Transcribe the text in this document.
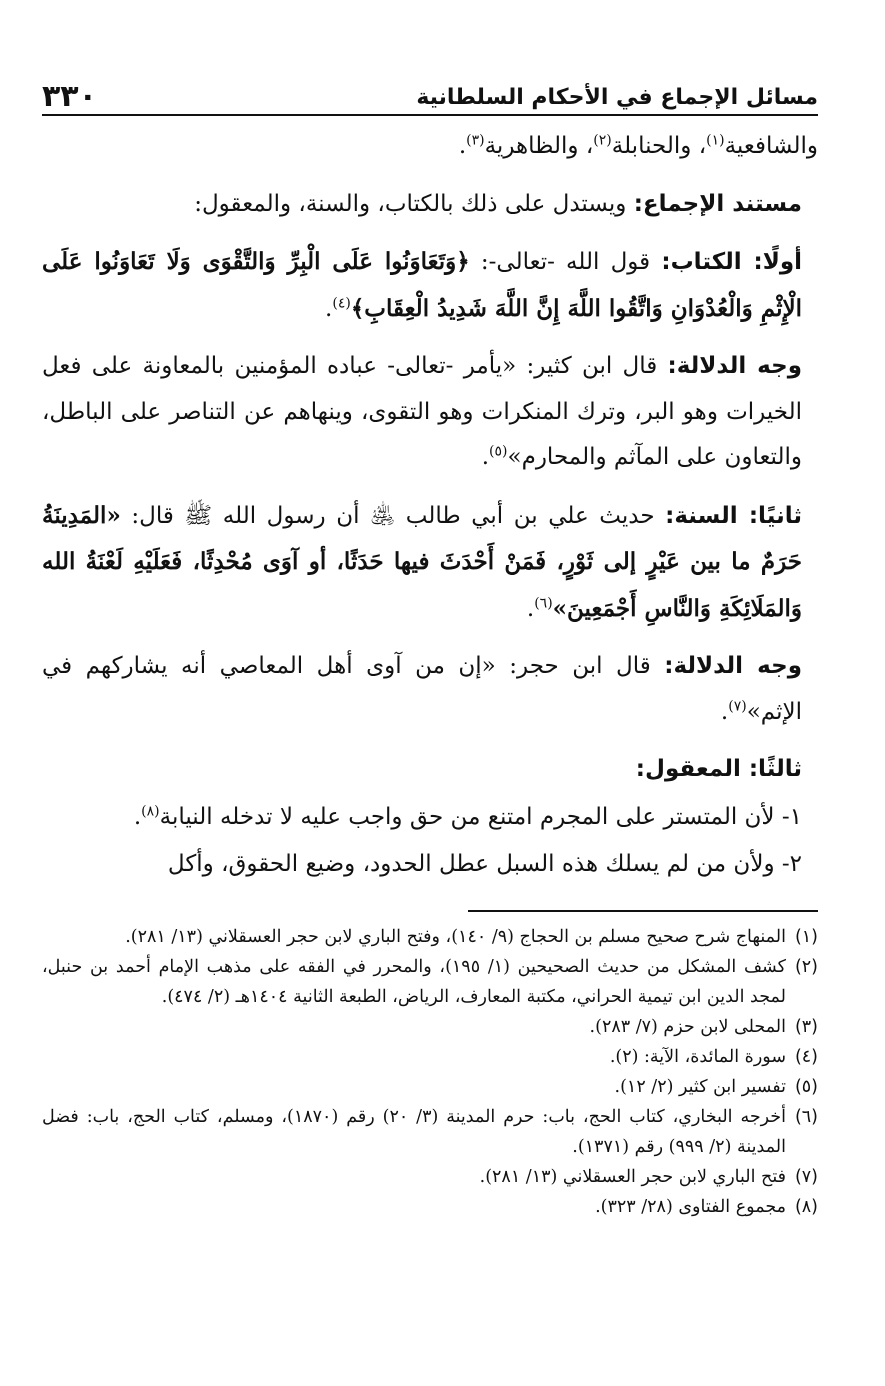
مسائل الإجماع في الأحكام السلطانية
٣٣٠

والشافعية$^{(١)}$، والحنابلة$^{(٢)}$، والظاهرية$^{(٣)}$.

مستند الإجماع: ويستدل على ذلك بالكتاب، والسنة، والمعقول:

أولًا: الكتاب: قول الله -تعالى-: ﴿وَتَعَاوَنُوا عَلَى الْبِرِّ وَالتَّقْوَى وَلَا تَعَاوَنُوا عَلَى الْإِثْمِ وَالْعُدْوَانِ وَاتَّقُوا اللَّهَ إِنَّ اللَّهَ شَدِيدُ الْعِقَابِ﴾$^{(٤)}$.

وجه الدلالة: قال ابن كثير: «يأمر -تعالى- عباده المؤمنين بالمعاونة على فعل الخيرات وهو البر، وترك المنكرات وهو التقوى، وينهاهم عن التناصر على الباطل، والتعاون على المآثم والمحارم»$^{(٥)}$.

ثانيًا: السنة: حديث علي بن أبي طالب ﵁ أن رسول الله ﷺ قال: «المَدِينَةُ حَرَمٌ ما بين عَيْرٍ إلى ثَوْرٍ، فَمَنْ أَحْدَثَ فيها حَدَثًا، أو آوَى مُحْدِثًا، فَعَلَيْهِ لَعْنَةُ الله وَالمَلَائِكَةِ وَالنَّاسِ أَجْمَعِينَ»$^{(٦)}$.

وجه الدلالة: قال ابن حجر: «إن من آوى أهل المعاصي أنه يشاركهم في الإثم»$^{(٧)}$.

ثالثًا: المعقول:

١- لأن المتستر على المجرم امتنع من حق واجب عليه لا تدخله النيابة$^{(٨)}$.

٢- ولأن من لم يسلك هذه السبل عطل الحدود، وضيع الحقوق، وأكل

(١)
المنهاج شرح صحيح مسلم بن الحجاج (٩/ ١٤٠)، وفتح الباري لابن حجر العسقلاني (١٣/ ٢٨١).
(٢)
كشف المشكل من حديث الصحيحين (١/ ١٩٥)، والمحرر في الفقه على مذهب الإمام أحمد بن حنبل، لمجد الدين ابن تيمية الحراني، مكتبة المعارف، الرياض، الطبعة الثانية ١٤٠٤هـ (٢/ ٤٧٤).
(٣)
المحلى لابن حزم (٧/ ٢٨٣).
(٤)
سورة المائدة، الآية: (٢).
(٥)
تفسير ابن كثير (٢/ ١٢).
(٦)
أخرجه البخاري، كتاب الحج، باب: حرم المدينة (٣/ ٢٠) رقم (١٨٧٠)، ومسلم، كتاب الحج، باب: فضل المدينة (٢/ ٩٩٩) رقم (١٣٧١).
(٧)
فتح الباري لابن حجر العسقلاني (١٣/ ٢٨١).
(٨)
مجموع الفتاوى (٢٨/ ٣٢٣).
